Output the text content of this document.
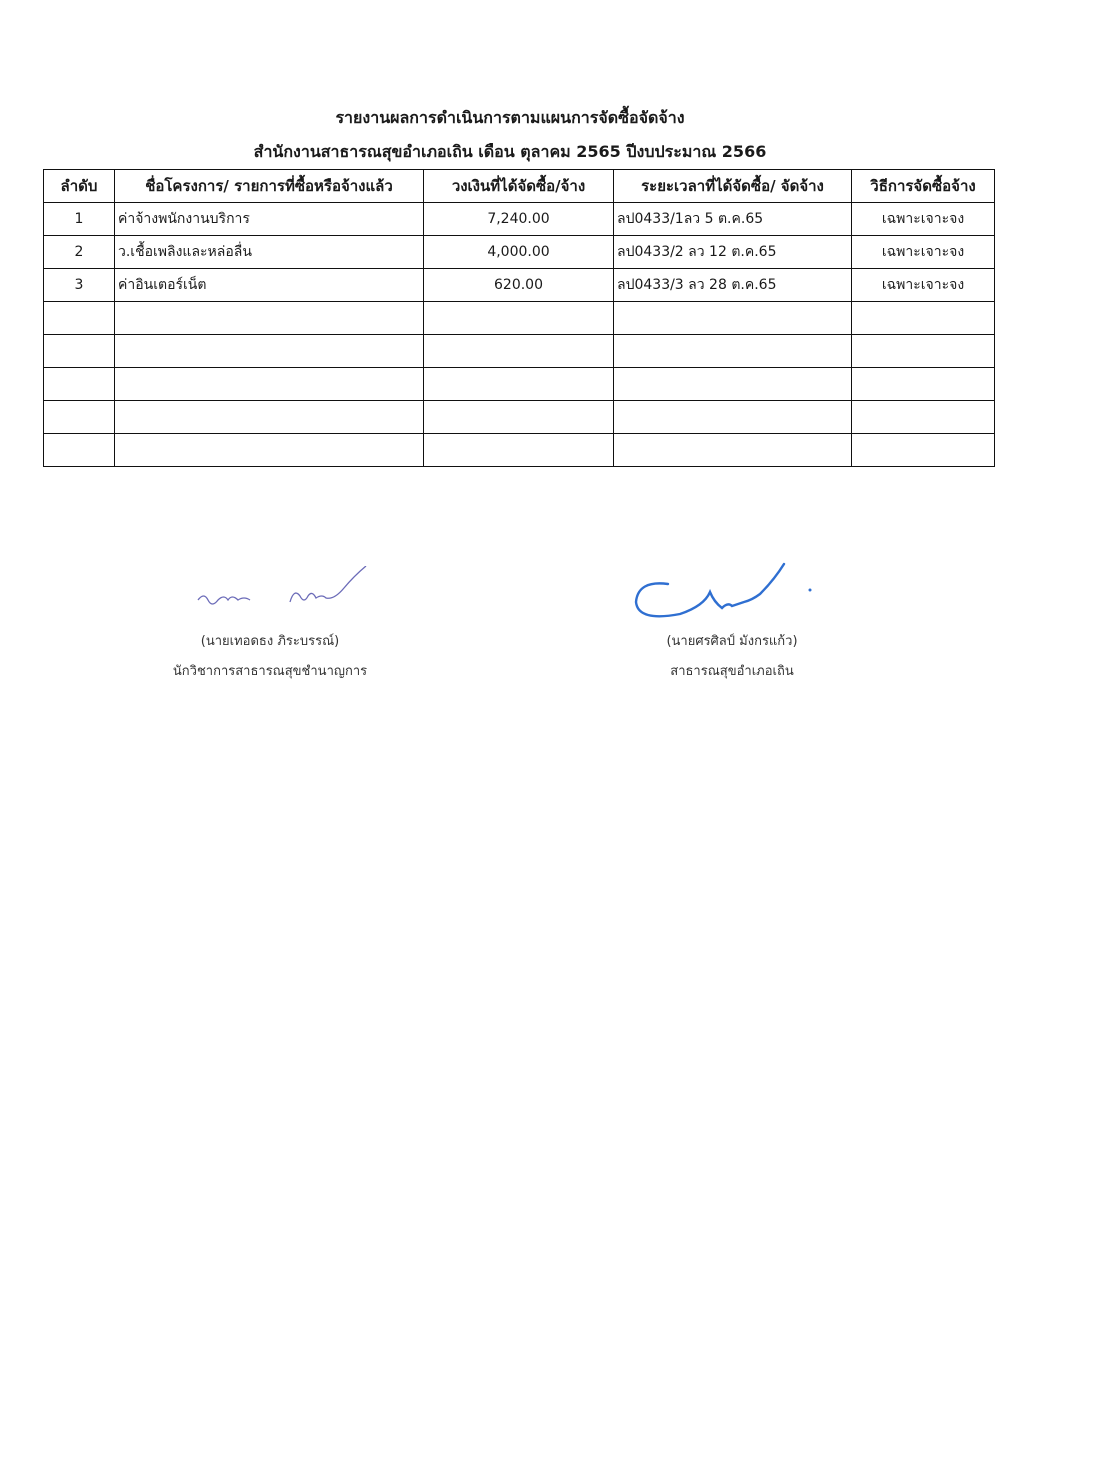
รายงานผลการดำเนินการตามแผนการจัดซื้อจัดจ้าง
สำนักงานสาธารณสุขอำเภอเถิน เดือน ตุลาคม 2565 ปีงบประมาณ 2566
ลำดับ	ชื่อโครงการ/ รายการที่ซื้อหรือจ้างแล้ว	วงเงินที่ได้จัดซื้อ/จ้าง	ระยะเวลาที่ได้จัดซื้อ/ จัดจ้าง	วิธีการจัดซื้อจ้าง
1	ค่าจ้างพนักงานบริการ	7,240.00	ลป0433/1ลว 5 ต.ค.65	เฉพาะเจาะจง
2	ว.เชื้อเพลิงและหล่อลื่น	4,000.00	ลป0433/2 ลว 12 ต.ค.65	เฉพาะเจาะจง
3	ค่าอินเตอร์เน็ต	620.00	ลป0433/3 ลว 28 ต.ค.65	เฉพาะเจาะจง

(นายเทอดธง ภิระบรรณ์)
นักวิชาการสาธารณสุขชำนาญการ
(นายศรศิลป์ มังกรแก้ว)
สาธารณสุขอำเภอเถิน
